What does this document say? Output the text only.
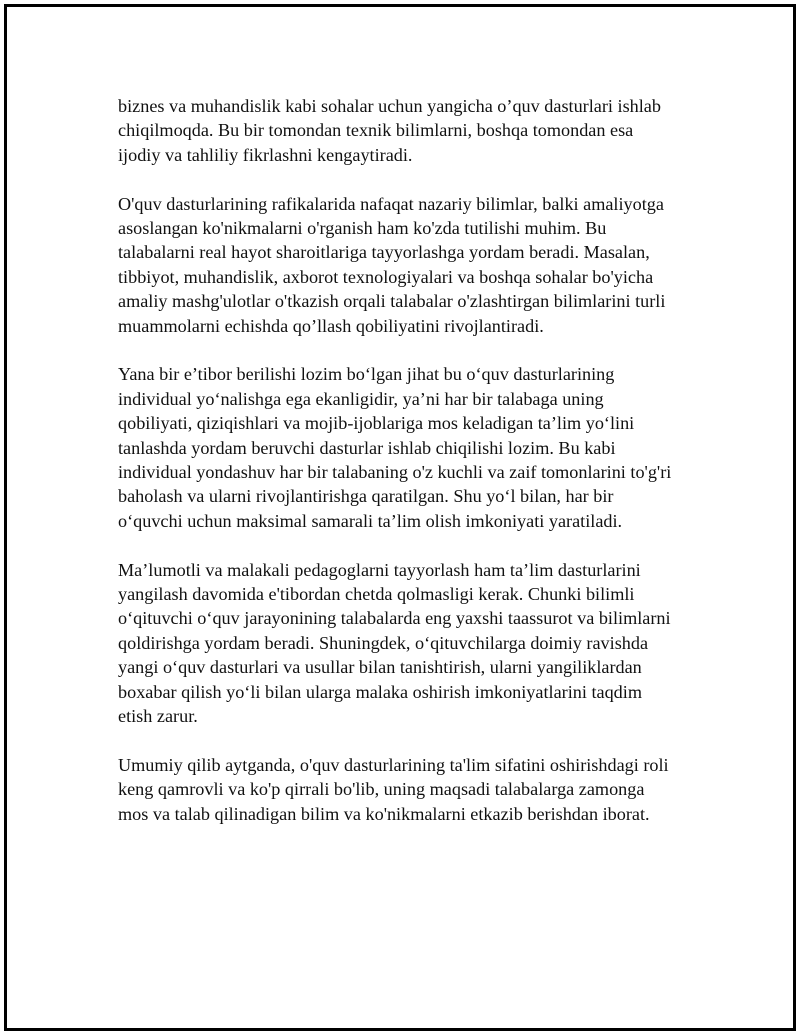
biznes va muhandislik kabi sohalar uchun yangicha o’quv dasturlari ishlab
chiqilmoqda. Bu bir tomondan texnik bilimlarni, boshqa tomondan esa
ijodiy va tahliliy fikrlashni kengaytiradi.

O'quv dasturlarining rafikalarida nafaqat nazariy bilimlar, balki amaliyotga
asoslangan ko'nikmalarni o'rganish ham ko'zda tutilishi muhim. Bu
talabalarni real hayot sharoitlariga tayyorlashga yordam beradi. Masalan,
tibbiyot, muhandislik, axborot texnologiyalari va boshqa sohalar bo'yicha
amaliy mashg'ulotlar o'tkazish orqali talabalar o'zlashtirgan bilimlarini turli
muammolarni echishda qo’llash qobiliyatini rivojlantiradi.

Yana bir e’tibor berilishi lozim bo‘lgan jihat bu o‘quv dasturlarining
individual yo‘nalishga ega ekanligidir, ya’ni har bir talabaga uning
qobiliyati, qiziqishlari va mojib-ijoblariga mos keladigan ta’lim yo‘lini
tanlashda yordam beruvchi dasturlar ishlab chiqilishi lozim. Bu kabi
individual yondashuv har bir talabaning o'z kuchli va zaif tomonlarini to'g'ri
baholash va ularni rivojlantirishga qaratilgan. Shu yo‘l bilan, har bir
o‘quvchi uchun maksimal samarali ta’lim olish imkoniyati yaratiladi.

Ma’lumotli va malakali pedagoglarni tayyorlash ham ta’lim dasturlarini
yangilash davomida e'tibordan chetda qolmasligi kerak. Chunki bilimli
o‘qituvchi o‘quv jarayonining talabalarda eng yaxshi taassurot va bilimlarni
qoldirishga yordam beradi. Shuningdek, o‘qituvchilarga doimiy ravishda
yangi o‘quv dasturlari va usullar bilan tanishtirish, ularni yangiliklardan
boxabar qilish yo‘li bilan ularga malaka oshirish imkoniyatlarini taqdim
etish zarur.

Umumiy qilib aytganda, o'quv dasturlarining ta'lim sifatini oshirishdagi roli
keng qamrovli va ko'p qirrali bo'lib, uning maqsadi talabalarga zamonga
mos va talab qilinadigan bilim va ko'nikmalarni etkazib berishdan iborat.
